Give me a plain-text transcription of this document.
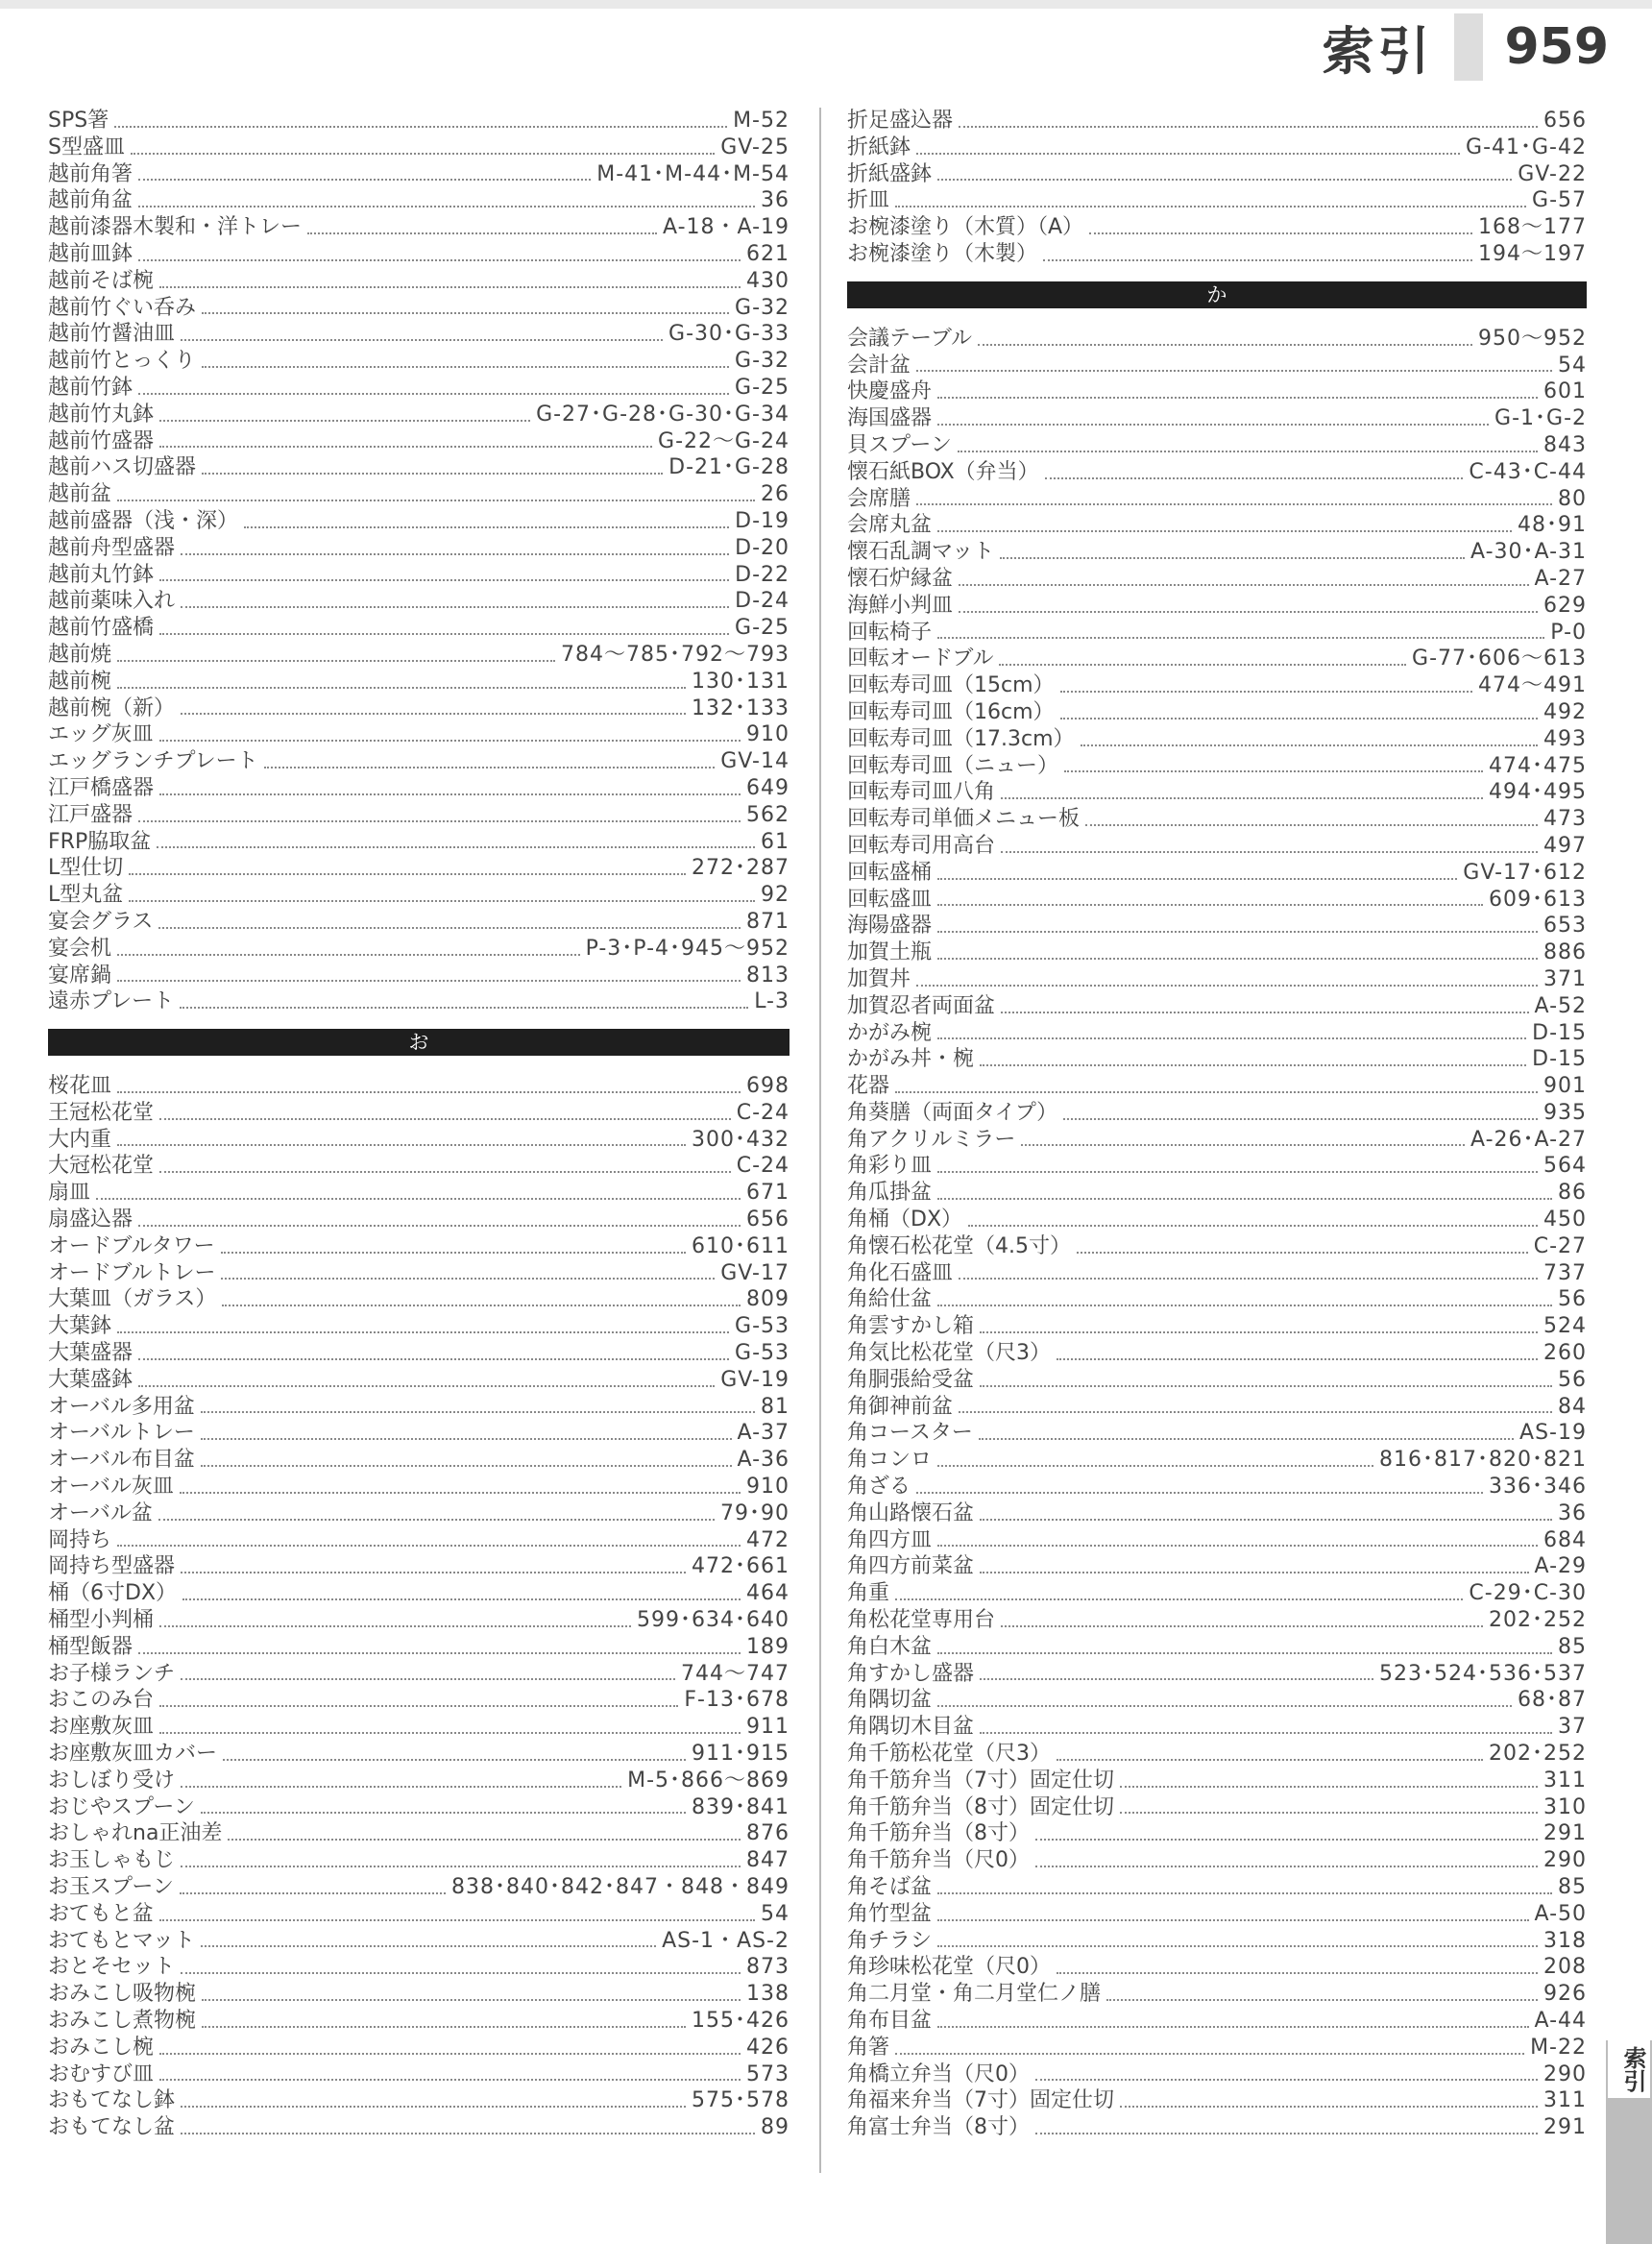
索引 959
SPS箸	M-52
S型盛皿	GV-25
越前角箸	M-41･M-44･M-54
越前角盆	36
越前漆器木製和・洋トレー	A-18・A-19
越前皿鉢	621
越前そば椀	430
越前竹ぐい呑み	G-32
越前竹醤油皿	G-30･G-33
越前竹とっくり	G-32
越前竹鉢	G-25
越前竹丸鉢	G-27･G-28･G-30･G-34
越前竹盛器	G-22～G-24
越前ハス切盛器	D-21･G-28
越前盆	26
越前盛器（浅・深）	D-19
越前舟型盛器	D-20
越前丸竹鉢	D-22
越前薬味入れ	D-24
越前竹盛橋	G-25
越前焼	784～785･792～793
越前椀	130･131
越前椀（新）	132･133
エッグ灰皿	910
エッグランチプレート	GV-14
江戸橋盛器	649
江戸盛器	562
FRP脇取盆	61
L型仕切	272･287
L型丸盆	92
宴会グラス	871
宴会机	P-3･P-4･945～952
宴席鍋	813
遠赤プレート	L-3
お
桜花皿	698
王冠松花堂	C-24
大内重	300･432
大冠松花堂	C-24
扇皿	671
扇盛込器	656
オードブルタワー	610･611
オードブルトレー	GV-17
大葉皿（ガラス）	809
大葉鉢	G-53
大葉盛器	G-53
大葉盛鉢	GV-19
オーバル多用盆	81
オーバルトレー	A-37
オーバル布目盆	A-36
オーバル灰皿	910
オーバル盆	79･90
岡持ち	472
岡持ち型盛器	472･661
桶（6寸DX）	464
桶型小判桶	599･634･640
桶型飯器	189
お子様ランチ	744～747
おこのみ台	F-13･678
お座敷灰皿	911
お座敷灰皿カバー	911･915
おしぼり受け	M-5･866～869
おじやスプーン	839･841
おしゃれna正油差	876
お玉しゃもじ	847
お玉スプーン	838･840･842･847・848・849
おてもと盆	54
おてもとマット	AS-1・AS-2
おとそセット	873
おみこし吸物椀	138
おみこし煮物椀	155･426
おみこし椀	426
おむすび皿	573
おもてなし鉢	575･578
おもてなし盆	89
折足盛込器	656
折紙鉢	G-41･G-42
折紙盛鉢	GV-22
折皿	G-57
お椀漆塗り（木質）（A）	168～177
お椀漆塗り（木製）	194～197
か
会議テーブル	950～952
会計盆	54
快慶盛舟	601
海国盛器	G-1･G-2
貝スプーン	843
懐石紙BOX（弁当）	C-43･C-44
会席膳	80
会席丸盆	48･91
懐石乱調マット	A-30･A-31
懐石炉縁盆	A-27
海鮮小判皿	629
回転椅子	P-0
回転オードブル	G-77･606～613
回転寿司皿（15cm）	474～491
回転寿司皿（16cm）	492
回転寿司皿（17.3cm）	493
回転寿司皿（ニュー）	474･475
回転寿司皿八角	494･495
回転寿司単価メニュー板	473
回転寿司用高台	497
回転盛桶	GV-17･612
回転盛皿	609･613
海陽盛器	653
加賀土瓶	886
加賀丼	371
加賀忍者両面盆	A-52
かがみ椀	D-15
かがみ丼・椀	D-15
花器	901
角葵膳（両面タイプ）	935
角アクリルミラー	A-26･A-27
角彩り皿	564
角瓜掛盆	86
角桶（DX）	450
角懐石松花堂（4.5寸）	C-27
角化石盛皿	737
角給仕盆	56
角雲すかし箱	524
角気比松花堂（尺3）	260
角胴張給受盆	56
角御神前盆	84
角コースター	AS-19
角コンロ	816･817･820･821
角ざる	336･346
角山路懐石盆	36
角四方皿	684
角四方前菜盆	A-29
角重	C-29･C-30
角松花堂専用台	202･252
角白木盆	85
角すかし盛器	523･524･536･537
角隅切盆	68･87
角隅切木目盆	37
角千筋松花堂（尺3）	202･252
角千筋弁当（7寸）固定仕切	311
角千筋弁当（8寸）固定仕切	310
角千筋弁当（8寸）	291
角千筋弁当（尺0）	290
角そば盆	85
角竹型盆	A-50
角チラシ	318
角珍味松花堂（尺0）	208
角二月堂・角二月堂仁ノ膳	926
角布目盆	A-44
角箸	M-22
角橋立弁当（尺0）	290
角福来弁当（7寸）固定仕切	311
角富士弁当（8寸）	291
索引
